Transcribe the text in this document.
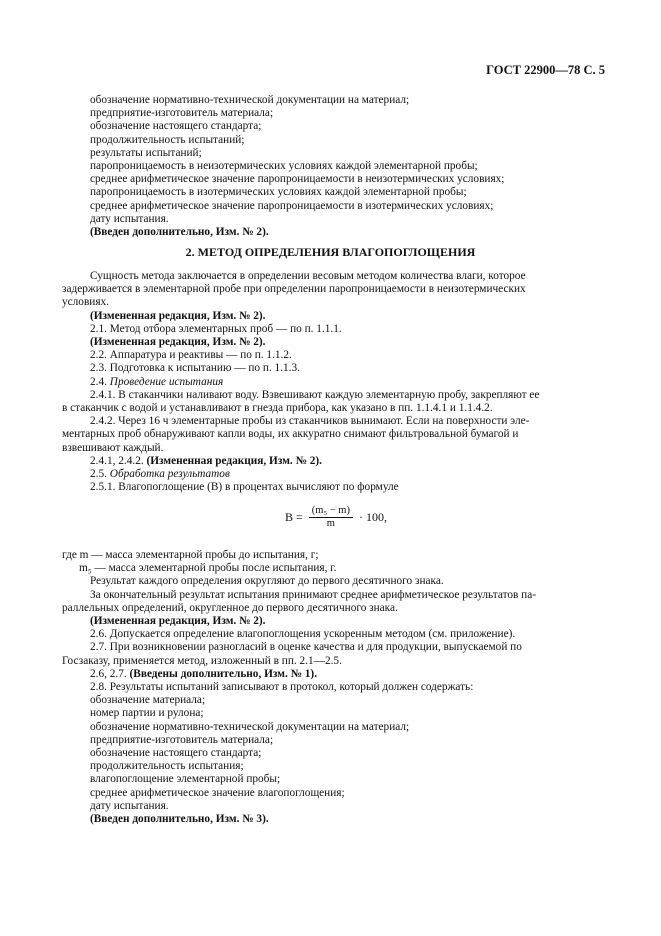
ГОСТ 22900—78 С. 5
обозначение нормативно-технической документации на материал;
предприятие-изготовитель материала;
обозначение настоящего стандарта;
продолжительность испытаний;
результаты испытаний;
паропроницаемость в неизотермических условиях каждой элементарной пробы;
среднее арифметическое значение паропроницаемости в неизотермических условиях;
паропроницаемость в изотермических условиях каждой элементарной пробы;
среднее арифметическое значение паропроницаемости в изотермических условиях;
дату испытания.
(Введен дополнительно, Изм. № 2).
2. МЕТОД ОПРЕДЕЛЕНИЯ ВЛАГОПОГЛОЩЕНИЯ
Сущность метода заключается в определении весовым методом количества влаги, которое
задерживается в элементарной пробе при определении паропроницаемости в неизотермических
условиях.
(Измененная редакция, Изм. № 2).
2.1. Метод отбора элементарных проб — по п. 1.1.1.
(Измененная редакция, Изм. № 2).
2.2. Аппаратура и реактивы — по п. 1.1.2.
2.3. Подготовка к испытанию — по п. 1.1.3.
2.4. Проведение испытания
2.4.1. В стаканчики наливают воду. Взвешивают каждую элементарную пробу, закрепляют ее
в стаканчик с водой и устанавливают в гнезда прибора, как указано в пп. 1.1.4.1 и 1.1.4.2.
2.4.2. Через 16 ч элементарные пробы из стаканчиков вынимают. Если на поверхности эле-
ментарных проб обнаруживают капли воды, их аккуратно снимают фильтровальной бумагой и
взвешивают каждый.
2.4.1, 2.4.2. (Измененная редакция, Изм. № 2).
2.5. Обработка результатов
2.5.1. Влагопоглощение (В) в процентах вычисляют по формуле
$B = \frac{\text{(m₅ − m)}}{m} \cdot 100$,
где m — масса элементарной пробы до испытания, г;
m₅ — масса элементарной пробы после испытания, г.
Результат каждого определения округляют до первого десятичного знака.
За окончательный результат испытания принимают среднее арифметическое результатов па-
раллельных определений, округленное до первого десятичного знака.
(Измененная редакция, Изм. № 2).
2.6. Допускается определение влагопоглощения ускоренным методом (см. приложение).
2.7. При возникновении разногласий в оценке качества и для продукции, выпускаемой по
Госзаказу, применяется метод, изложенный в пп. 2.1—2.5.
2.6, 2.7. (Введены дополнительно, Изм. № 1).
2.8. Результаты испытаний записывают в протокол, который должен содержать:
обозначение материала;
номер партии и рулона;
обозначение нормативно-технической документации на материал;
предприятие-изготовитель материала;
обозначение настоящего стандарта;
продолжительность испытания;
влагопоглощение элементарной пробы;
среднее арифметическое значение влагопоглощения;
дату испытания.
(Введен дополнительно, Изм. № 3).
